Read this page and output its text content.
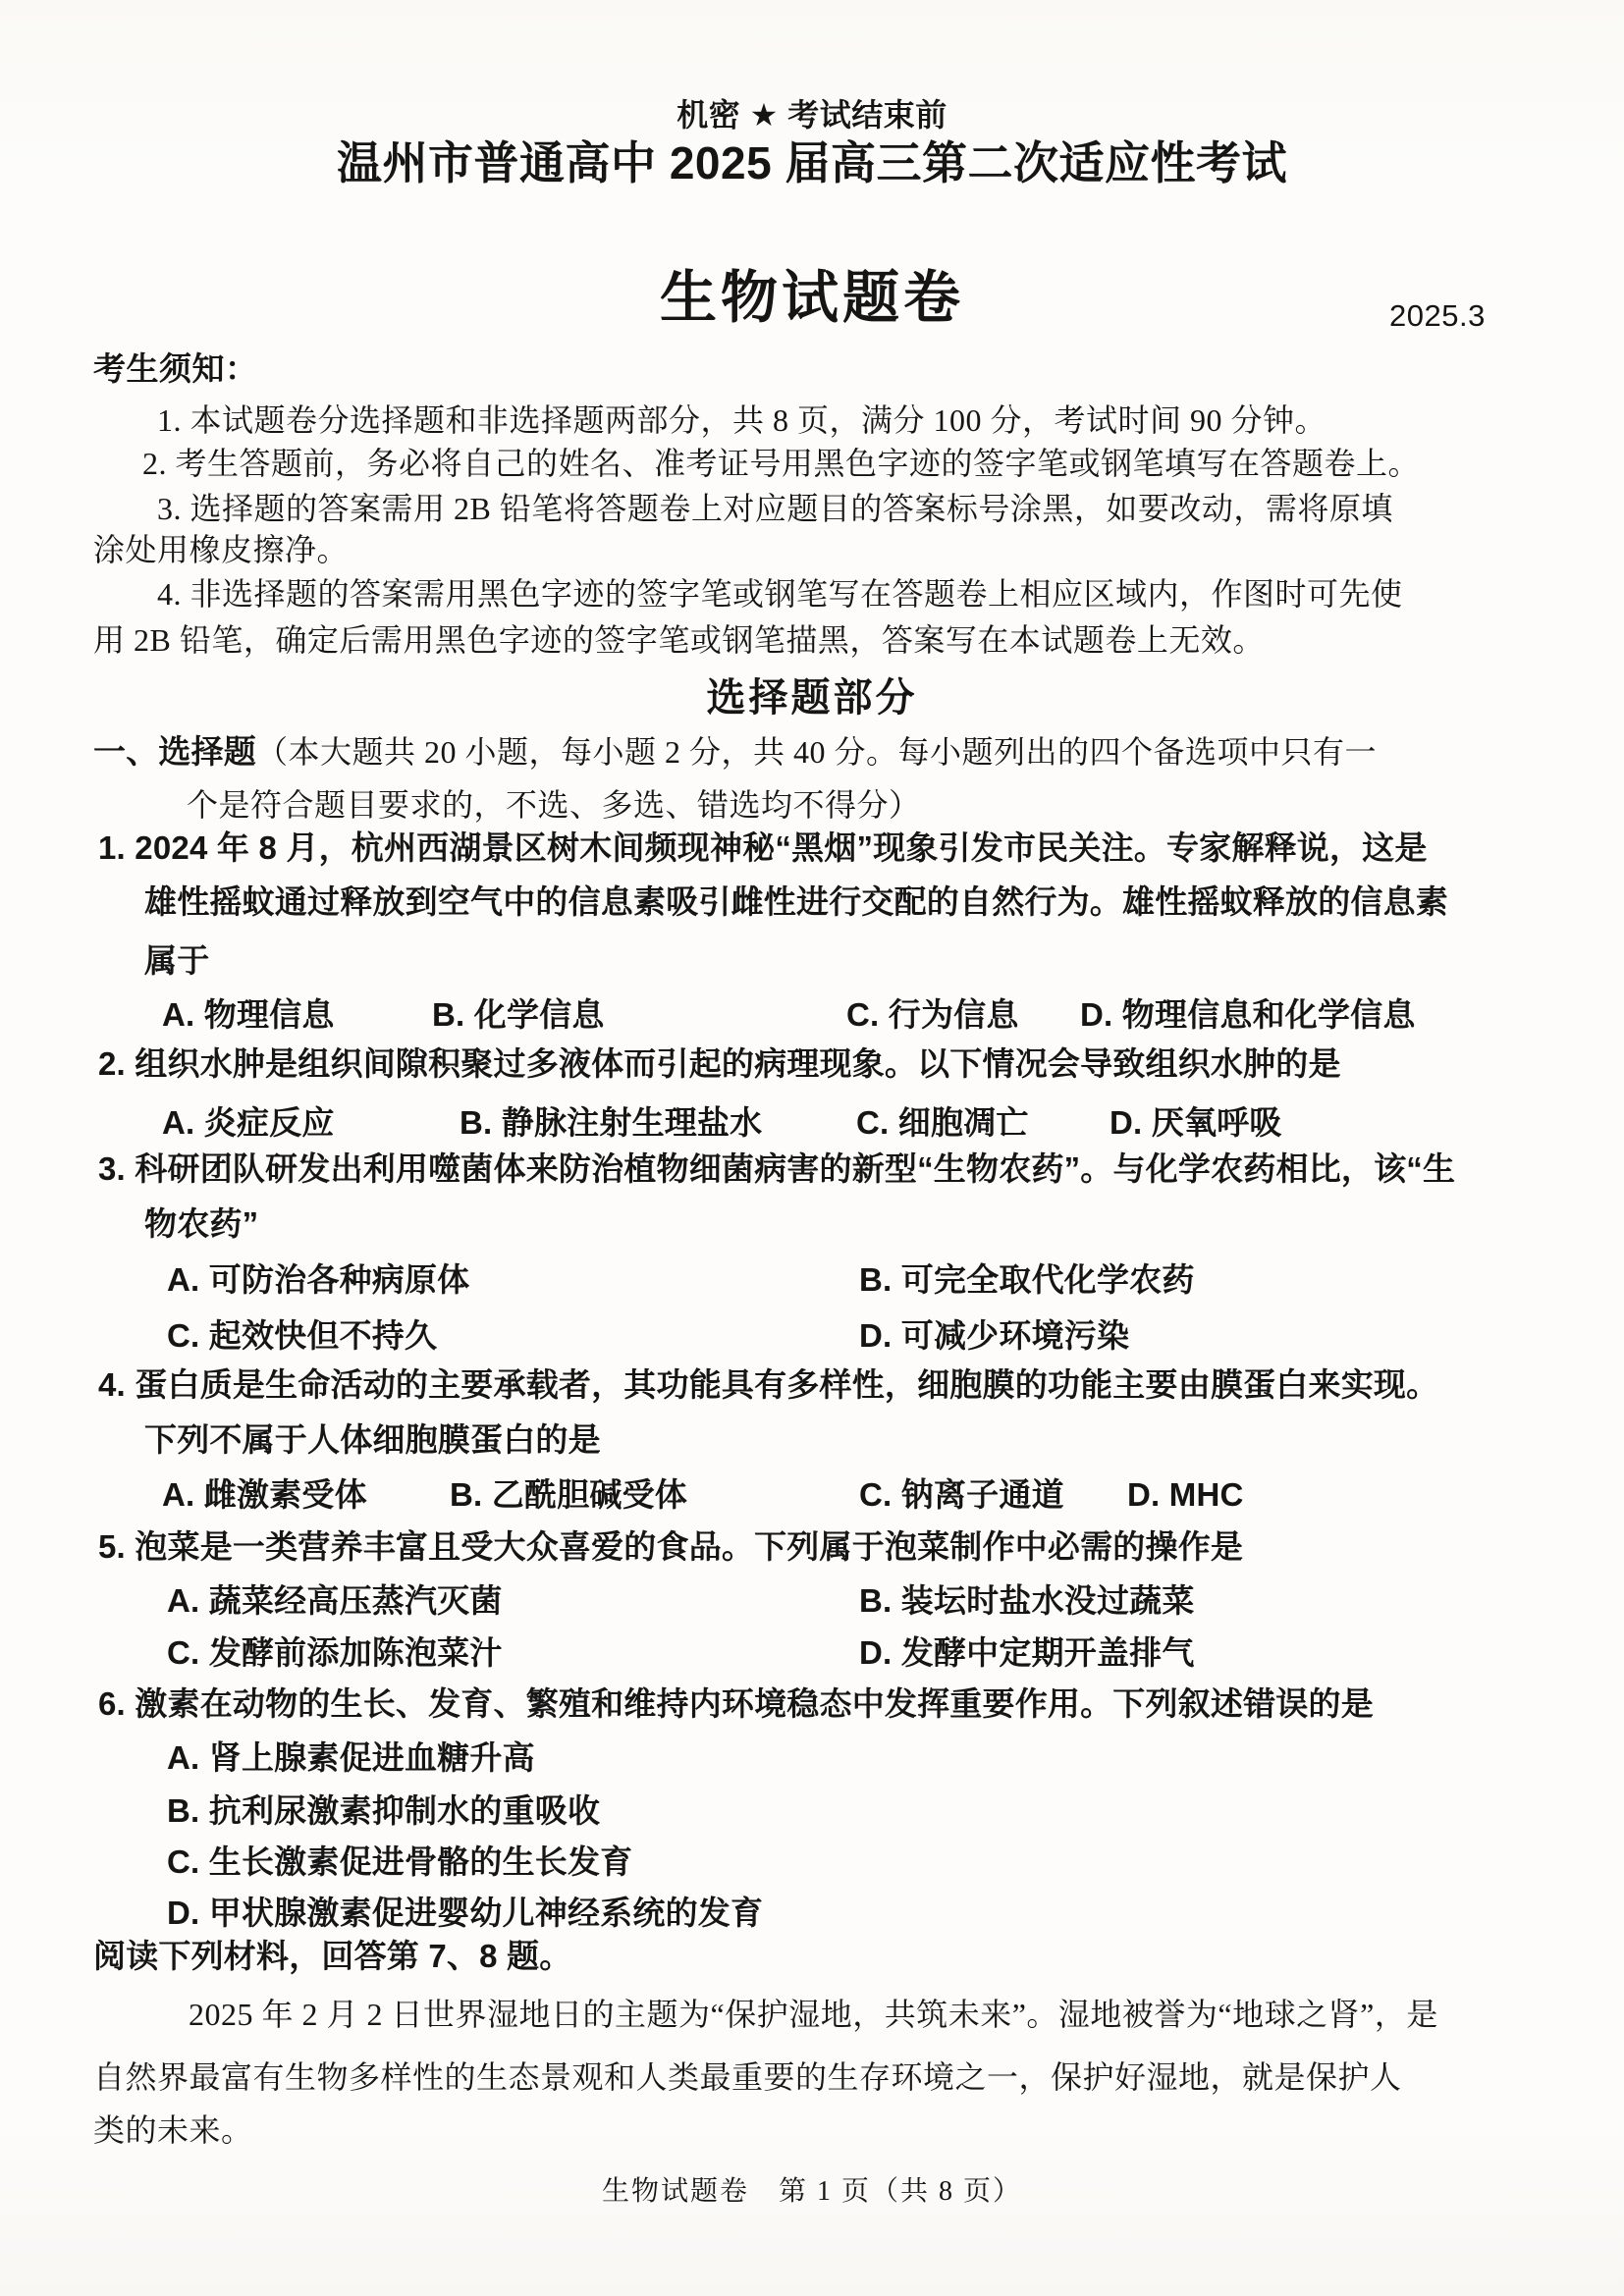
机密 ★ 考试结束前
温州市普通高中 2025 届高三第二次适应性考试
生物试题卷	2025.3
考生须知：
1. 本试题卷分选择题和非选择题两部分，共 8 页，满分 100 分，考试时间 90 分钟。
2. 考生答题前，务必将自己的姓名、准考证号用黑色字迹的签字笔或钢笔填写在答题卷上。
3. 选择题的答案需用 2B 铅笔将答题卷上对应题目的答案标号涂黑，如要改动，需将原填
涂处用橡皮擦净。
4. 非选择题的答案需用黑色字迹的签字笔或钢笔写在答题卷上相应区域内，作图时可先使
用 2B 铅笔，确定后需用黑色字迹的签字笔或钢笔描黑，答案写在本试题卷上无效。
选择题部分
一、选择题（本大题共 20 小题，每小题 2 分，共 40 分。每小题列出的四个备选项中只有一
个是符合题目要求的，不选、多选、错选均不得分）
1. 2024 年 8 月，杭州西湖景区树木间频现神秘“黑烟”现象引发市民关注。专家解释说，这是
雄性摇蚊通过释放到空气中的信息素吸引雌性进行交配的自然行为。雄性摇蚊释放的信息素
属于
A. 物理信息	B. 化学信息	C. 行为信息 D. 物理信息和化学信息
2. 组织水肿是组织间隙积聚过多液体而引起的病理现象。以下情况会导致组织水肿的是
A. 炎症反应	B. 静脉注射生理盐水	C. 细胞凋亡 D. 厌氧呼吸
3. 科研团队研发出利用噬菌体来防治植物细菌病害的新型“生物农药”。与化学农药相比，该“生
物农药”
A. 可防治各种病原体	B. 可完全取代化学农药
C. 起效快但不持久	D. 可减少环境污染
4. 蛋白质是生命活动的主要承载者，其功能具有多样性，细胞膜的功能主要由膜蛋白来实现。
下列不属于人体细胞膜蛋白的是
A. 雌激素受体	B. 乙酰胆碱受体	C. 钠离子通道 D. MHC
5. 泡菜是一类营养丰富且受大众喜爱的食品。下列属于泡菜制作中必需的操作是
A. 蔬菜经高压蒸汽灭菌	B. 装坛时盐水没过蔬菜
C. 发酵前添加陈泡菜汁	D. 发酵中定期开盖排气
6. 激素在动物的生长、发育、繁殖和维持内环境稳态中发挥重要作用。下列叙述错误的是
A. 肾上腺素促进血糖升高
B. 抗利尿激素抑制水的重吸收
C. 生长激素促进骨骼的生长发育
D. 甲状腺激素促进婴幼儿神经系统的发育
阅读下列材料，回答第 7、8 题。
2025 年 2 月 2 日世界湿地日的主题为“保护湿地，共筑未来”。湿地被誉为“地球之肾”，是
自然界最富有生物多样性的生态景观和人类最重要的生存环境之一，保护好湿地，就是保护人
类的未来。
生物试题卷　第 1 页（共 8 页）
